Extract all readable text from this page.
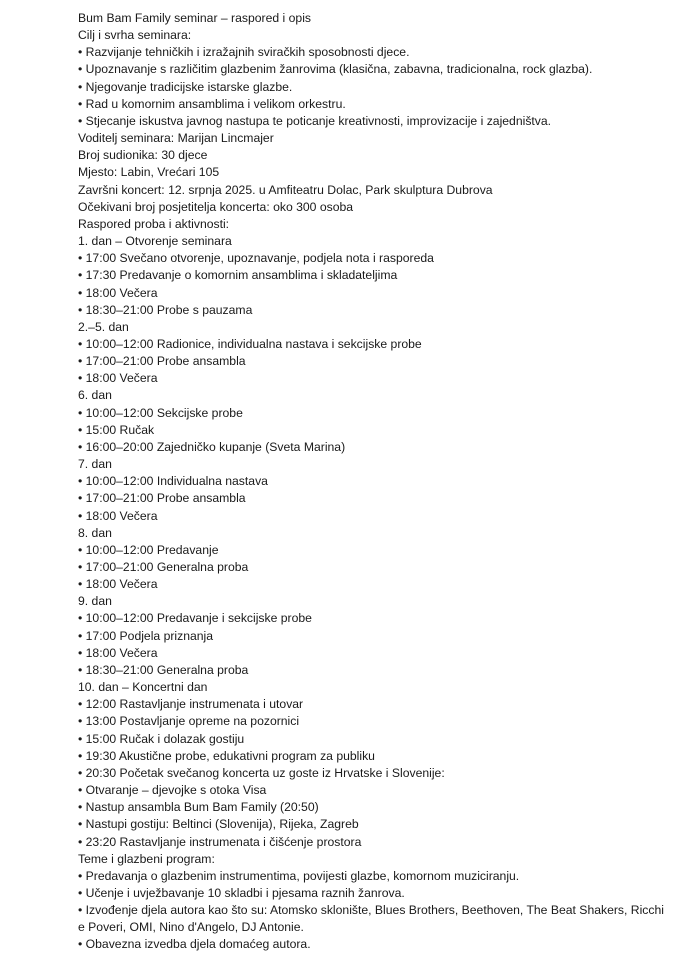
Bum Bam Family seminar – raspored i opis
Cilj i svrha seminara:
• Razvijanje tehničkih i izražajnih sviračkih sposobnosti djece.
• Upoznavanje s različitim glazbenim žanrovima (klasična, zabavna, tradicionalna, rock glazba).
• Njegovanje tradicijske istarske glazbe.
• Rad u komornim ansamblima i velikom orkestru.
• Stjecanje iskustva javnog nastupa te poticanje kreativnosti, improvizacije i zajedništva.
Voditelj seminara: Marijan Lincmajer
Broj sudionika: 30 djece
Mjesto: Labin, Vrećari 105
Završni koncert: 12. srpnja 2025. u Amfiteatru Dolac, Park skulptura Dubrova
Očekivani broj posjetitelja koncerta: oko 300 osoba
Raspored proba i aktivnosti:
1. dan – Otvorenje seminara
• 17:00 Svečano otvorenje, upoznavanje, podjela nota i rasporeda
• 17:30 Predavanje o komornim ansamblima i skladateljima
• 18:00 Večera
• 18:30–21:00 Probe s pauzama
2.–5. dan
• 10:00–12:00 Radionice, individualna nastava i sekcijske probe
• 17:00–21:00 Probe ansambla
• 18:00 Večera
6. dan
• 10:00–12:00 Sekcijske probe
• 15:00 Ručak
• 16:00–20:00 Zajedničko kupanje (Sveta Marina)
7. dan
• 10:00–12:00 Individualna nastava
• 17:00–21:00 Probe ansambla
• 18:00 Večera
8. dan
• 10:00–12:00 Predavanje
• 17:00–21:00 Generalna proba
• 18:00 Večera
9. dan
• 10:00–12:00 Predavanje i sekcijske probe
• 17:00 Podjela priznanja
• 18:00 Večera
• 18:30–21:00 Generalna proba
10. dan – Koncertni dan
• 12:00 Rastavljanje instrumenata i utovar
• 13:00 Postavljanje opreme na pozornici
• 15:00 Ručak i dolazak gostiju
• 19:30 Akustične probe, edukativni program za publiku
• 20:30 Početak svečanog koncerta uz goste iz Hrvatske i Slovenije:
• Otvaranje – djevojke s otoka Visa
• Nastup ansambla Bum Bam Family (20:50)
• Nastupi gostiju: Beltinci (Slovenija), Rijeka, Zagreb
• 23:20 Rastavljanje instrumenata i čišćenje prostora
Teme i glazbeni program:
• Predavanja o glazbenim instrumentima, povijesti glazbe, komornom muziciranju.
• Učenje i uvježbavanje 10 skladbi i pjesama raznih žanrova.
• Izvođenje djela autora kao što su: Atomsko sklonište, Blues Brothers, Beethoven, The Beat Shakers, Ricchi e Poveri, OMI, Nino d'Angelo, DJ Antonie.
• Obavezna izvedba djela domaćeg autora.
